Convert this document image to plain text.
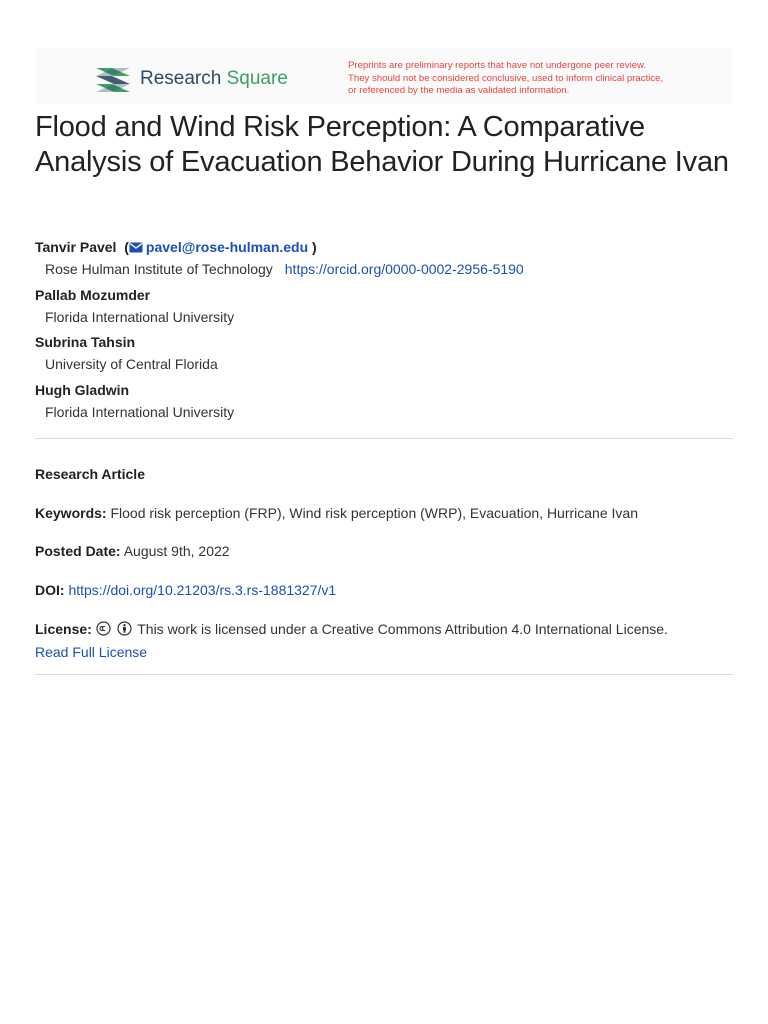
Research Square
Preprints are preliminary reports that have not undergone peer review.
They should not be considered conclusive, used to inform clinical practice,
or referenced by the media as validated information.
Flood and Wind Risk Perception: A Comparative Analysis of Evacuation Behavior During Hurricane Ivan
Tanvir Pavel ( pavel@rose-hulman.edu )
Rose Hulman Institute of Technology https://orcid.org/0000-0002-2956-5190
Pallab Mozumder
Florida International University
Subrina Tahsin
University of Central Florida
Hugh Gladwin
Florida International University
Research Article
Keywords: Flood risk perception (FRP), Wind risk perception (WRP), Evacuation, Hurricane Ivan
Posted Date: August 9th, 2022
DOI: https://doi.org/10.21203/rs.3.rs-1881327/v1
License:	This work is licensed under a Creative Commons Attribution 4.0 International License.
Read Full License
